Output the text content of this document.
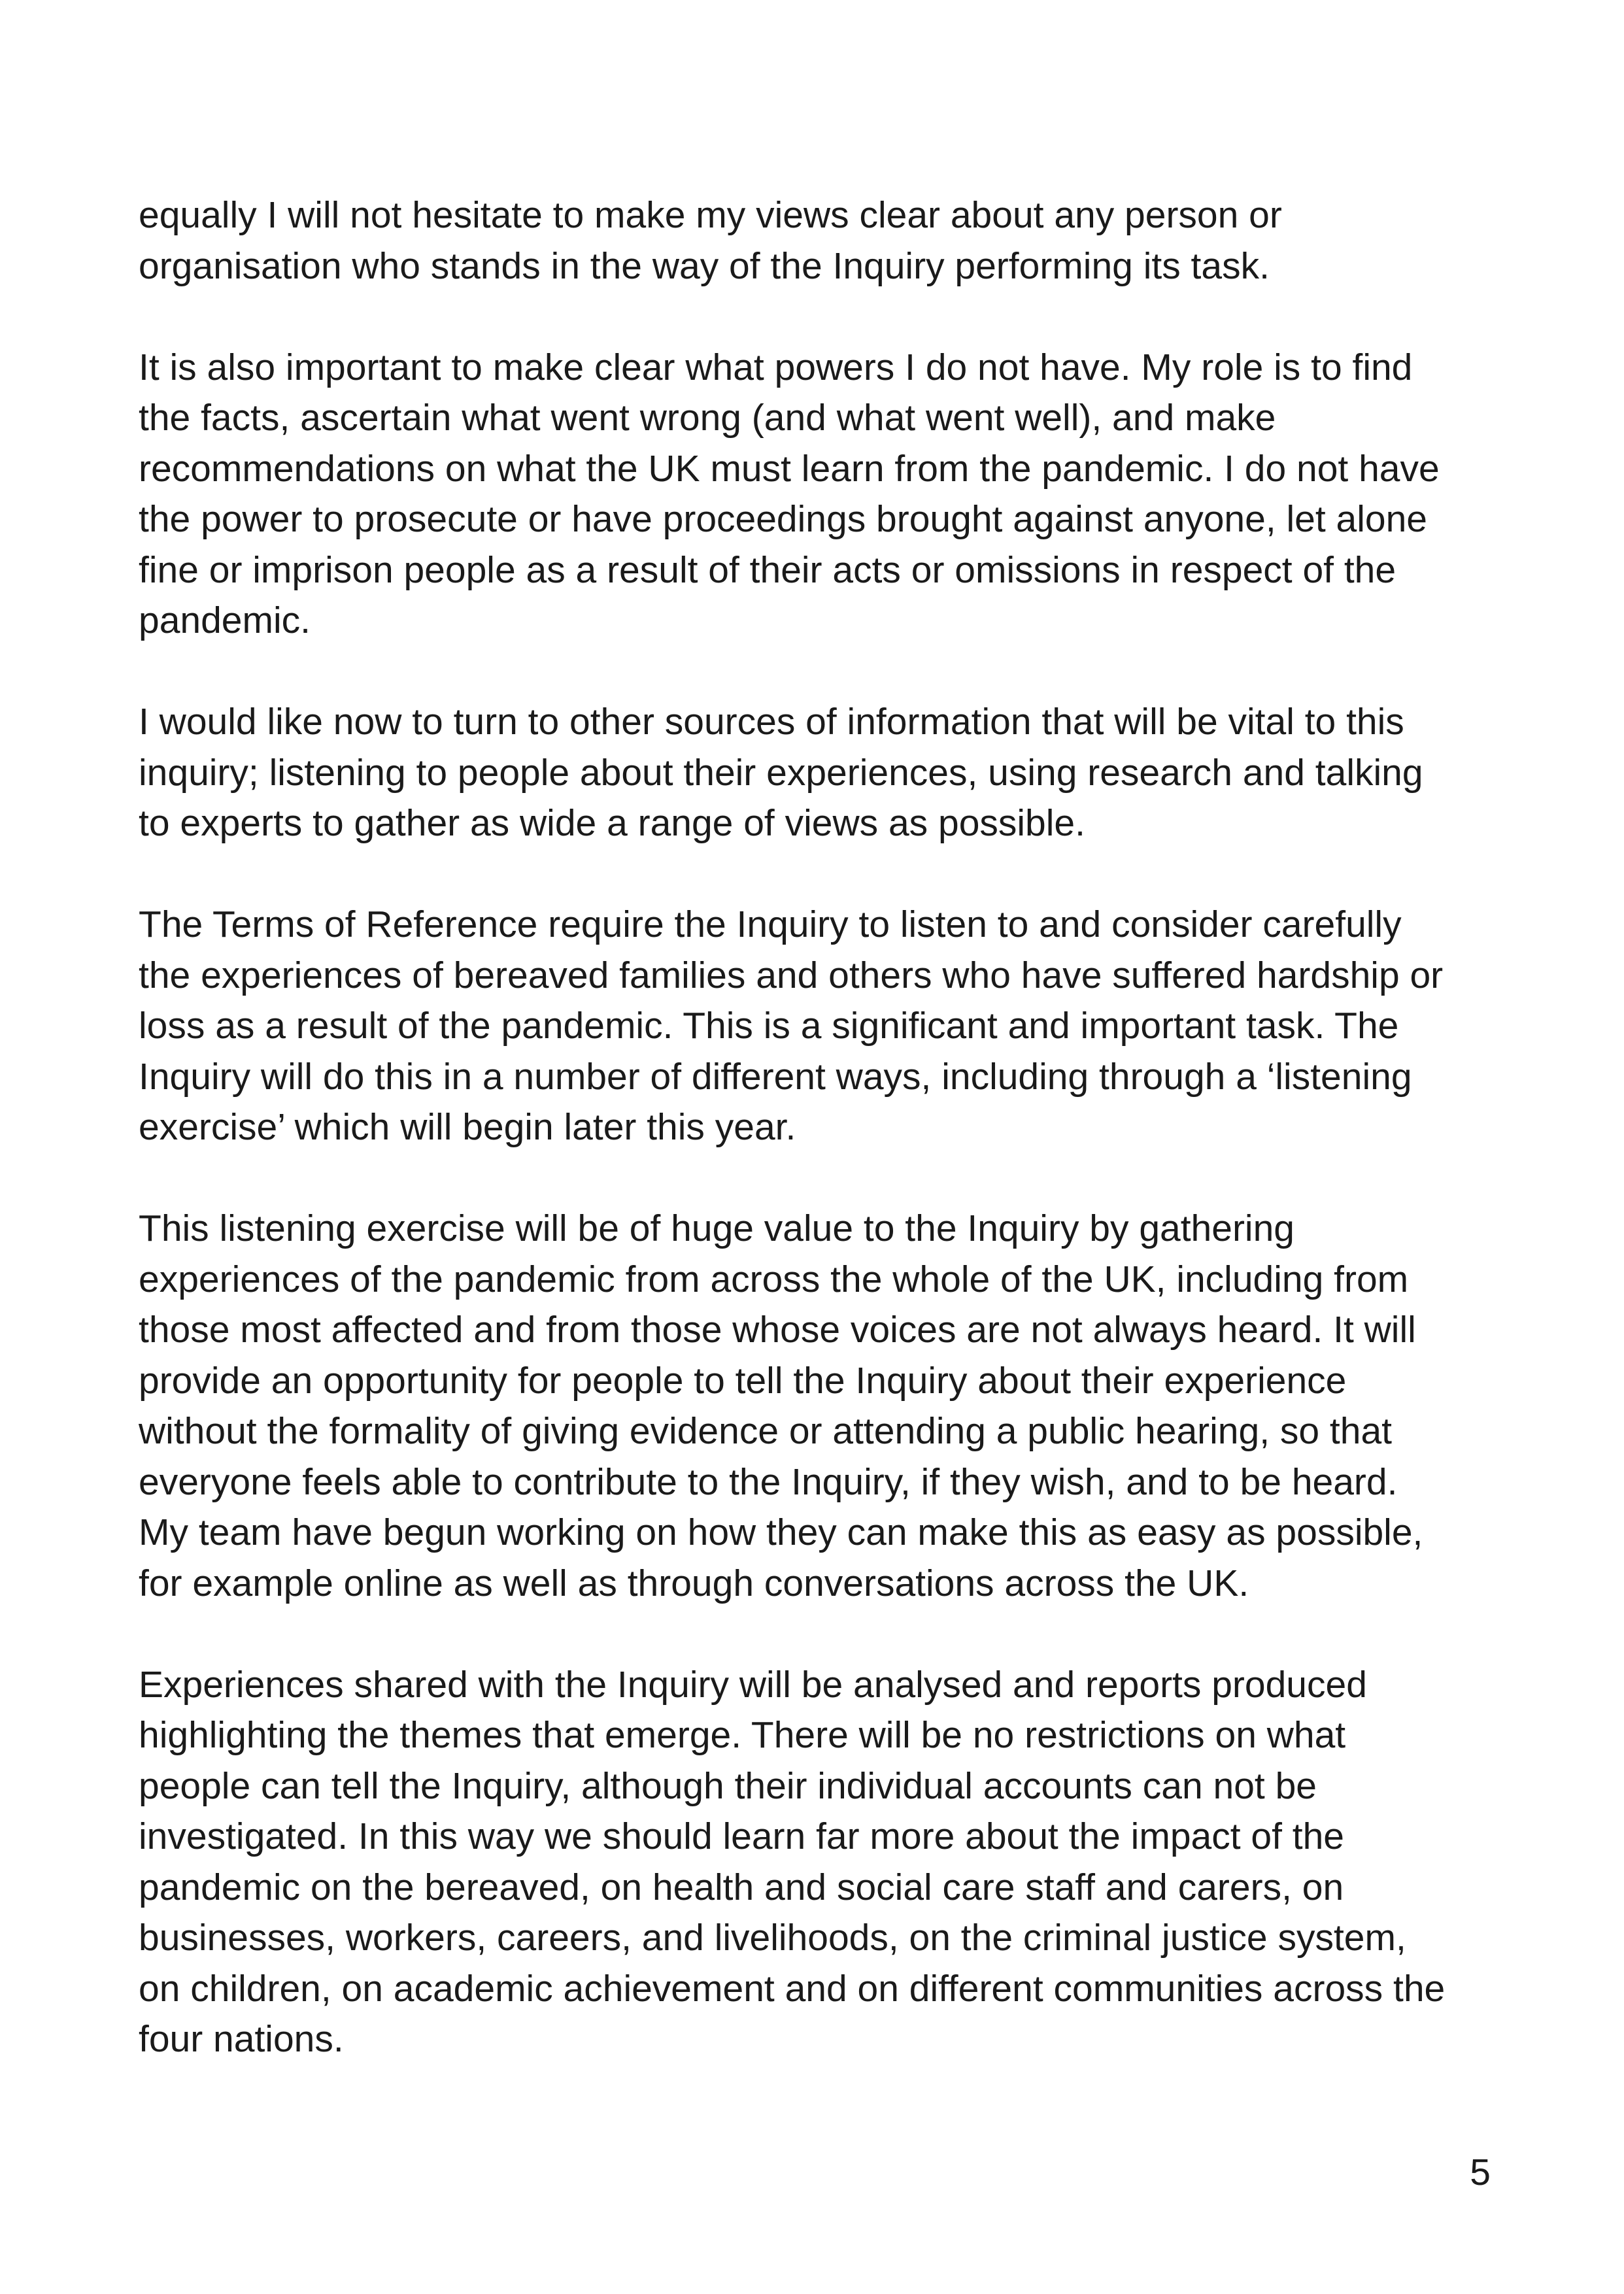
equally I will not hesitate to make my views clear about any person or
organisation who stands in the way of the Inquiry performing its task.

It is also important to make clear what powers I do not have. My role is to find
the facts, ascertain what went wrong (and what went well), and make
recommendations on what the UK must learn from the pandemic. I do not have
the power to prosecute or have proceedings brought against anyone, let alone
fine or imprison people as a result of their acts or omissions in respect of the
pandemic.

I would like now to turn to other sources of information that will be vital to this
inquiry; listening to people about their experiences, using research and talking
to experts to gather as wide a range of views as possible.

The Terms of Reference require the Inquiry to listen to and consider carefully
the experiences of bereaved families and others who have suffered hardship or
loss as a result of the pandemic. This is a significant and important task. The
Inquiry will do this in a number of different ways, including through a ‘listening
exercise’ which will begin later this year.

This listening exercise will be of huge value to the Inquiry by gathering
experiences of the pandemic from across the whole of the UK, including from
those most affected and from those whose voices are not always heard. It will
provide an opportunity for people to tell the Inquiry about their experience
without the formality of giving evidence or attending a public hearing, so that
everyone feels able to contribute to the Inquiry, if they wish, and to be heard.
My team have begun working on how they can make this as easy as possible,
for example online as well as through conversations across the UK.

Experiences shared with the Inquiry will be analysed and reports produced
highlighting the themes that emerge. There will be no restrictions on what
people can tell the Inquiry, although their individual accounts can not be
investigated. In this way we should learn far more about the impact of the
pandemic on the bereaved, on health and social care staff and carers, on
businesses, workers, careers, and livelihoods, on the criminal justice system,
on children, on academic achievement and on different communities across the
four nations.

5
